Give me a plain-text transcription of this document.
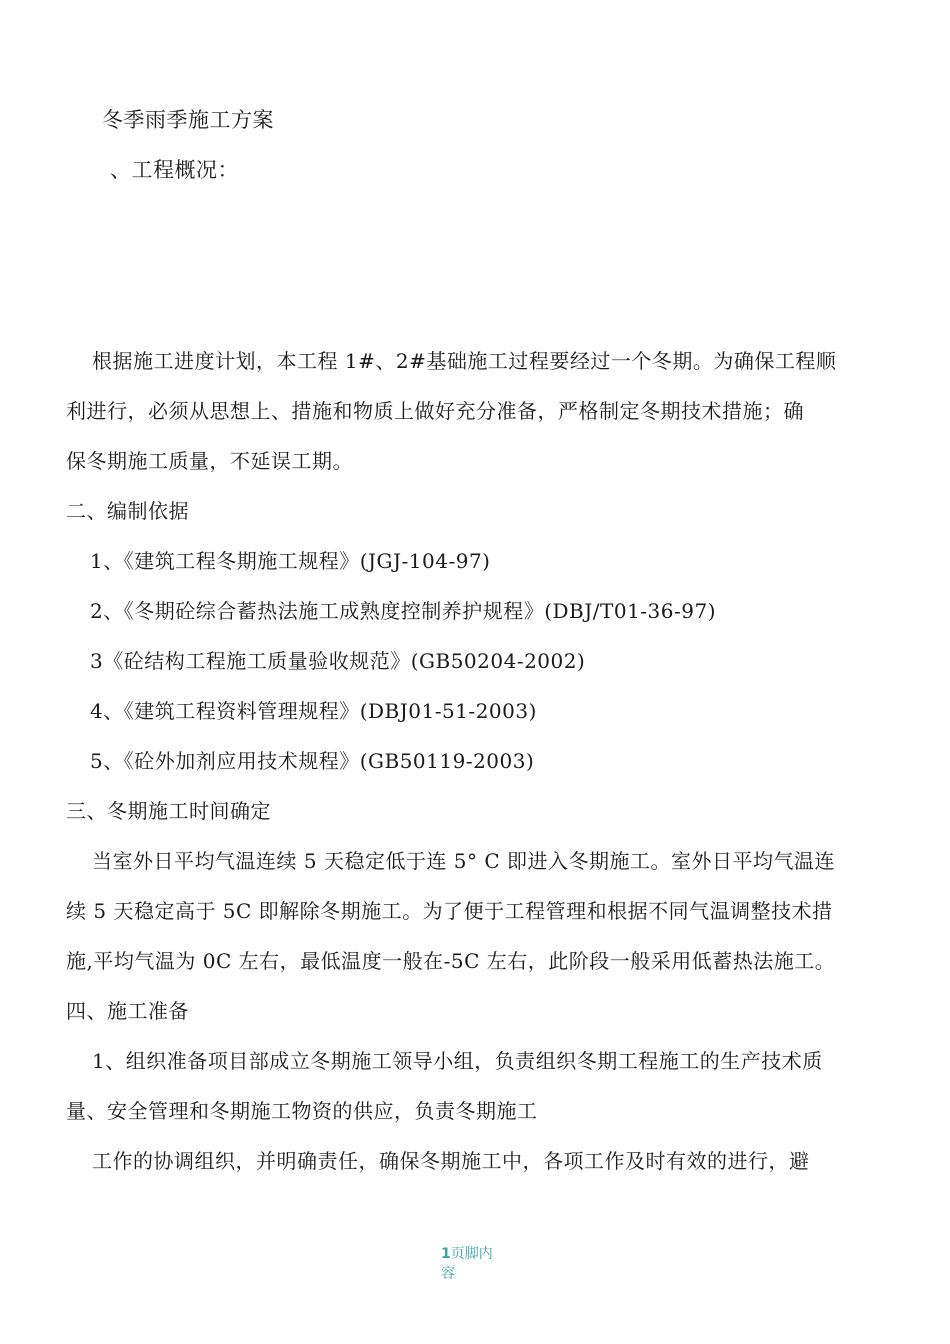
冬季雨季施工方案
、工程概况：
根据施工进度计划，本工程 1#、2#基础施工过程要经过一个冬期。为确保工程顺
利进行，必须从思想上、措施和物质上做好充分准备，严格制定冬期技术措施；确
保冬期施工质量，不延误工期。
二、编制依据
1、《建筑工程冬期施工规程》(JGJ-104-97)
2、《冬期砼综合蓄热法施工成熟度控制养护规程》(DBJ/T01-36-97)
3《砼结构工程施工质量验收规范》(GB50204-2002)
4、《建筑工程资料管理规程》(DBJ01-51-2003)
5、《砼外加剂应用技术规程》(GB50119-2003)
三、冬期施工时间确定
当室外日平均气温连续 5 天稳定低于连 5° C 即进入冬期施工。室外日平均气温连
续 5 天稳定高于 5C 即解除冬期施工。为了便于工程管理和根据不同气温调整技术措
施,平均气温为 0C 左右，最低温度一般在-5C 左右，此阶段一般采用低蓄热法施工。
四、施工准备
1、组织准备项目部成立冬期施工领导小组，负责组织冬期工程施工的生产技术质
量、安全管理和冬期施工物资的供应，负责冬期施工
工作的协调组织，并明确责任，确保冬期施工中，各项工作及时有效的进行，避
1页脚内容
